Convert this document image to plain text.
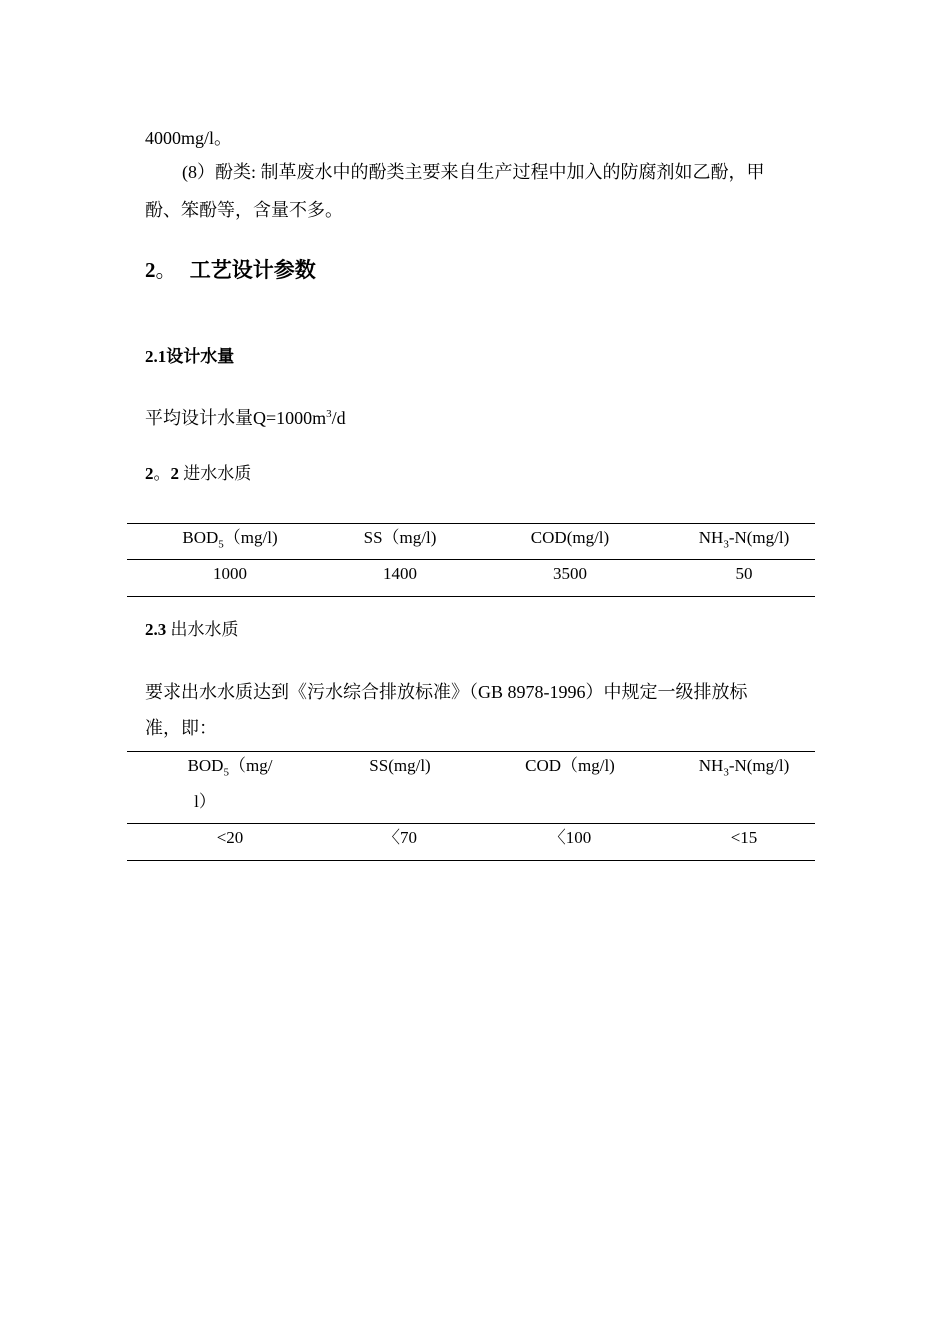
4000mg/l。

(8）酚类: 制革废水中的酚类主要来自生产过程中加入的防腐剂如乙酚，甲

酚、笨酚等，含量不多。

2。 工艺设计参数
2.1设计水量
平均设计水量$Q=1000m^3/d$
2。2 进水水质
$BOD_5(mg/l)$	SS（mg/l)	COD(mg/l)	$NH_3-N(mg/l)$
1000	1400	3500	50
2.3 出水水质

要求出水水质达到《污水综合排放标准》（GB 8978-1996）中规定一级排放标

准，即：

$BOD_5(mg/$
l）
SS(mg/l)	COD（mg/l)	$NH_3-N(mg/l)$
<20	〈70	〈100	<15
